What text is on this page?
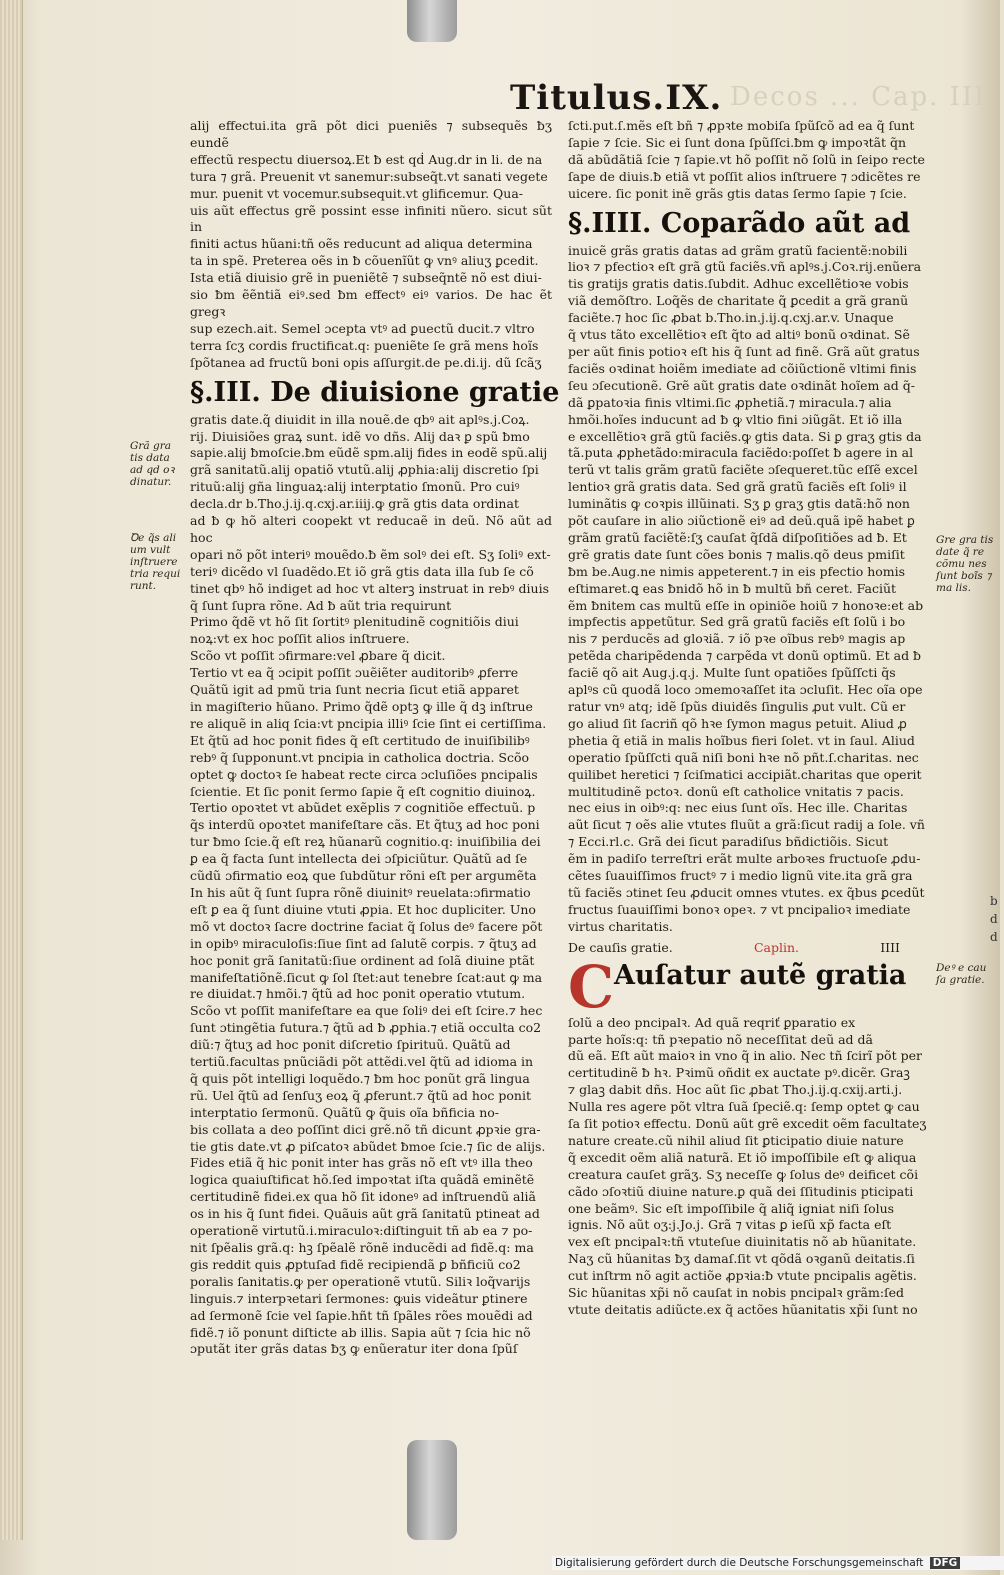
Decos ... Cap. III
Titulus.IX.
Grã gra tis data ad qd oꝛ dinatur.
Ꝺe q̃s ali um vult inſtruere tria requi runt.
Gre gra tis date q̃ re cõmu nes ſunt boĩs ⁊ ma lis.
Deꝰ e cau ſa gratie.
b d d

alij effectui.ita grã põt dici pueniẽs ⁊ subsequẽs ƀʒ eundẽ

effectũ respectu diuersoꝝ.Et ƀ est qḋ Aug.dr in li. de na

tura ⁊ grã. Preuenit vt sanemur:subseq̃t.vt sanati vegete

mur. puenit vt vocemur.subsequit.vt glificemur. Qua-

uis aũt effectus grẽ possint esse infiniti nũero. sicut sũt in

finiti actus hũani:tñ oẽs reducunt ad aliqua determina

ta in spẽ. Preterea oẽs in ƀ cõuenĩũt ꝙ vnꝰ aliuʒ ꝑcedit.

Ista etiã diuisio grẽ in pueniẽtẽ ⁊ subseq̃ntẽ nõ est diui-

sio ƀm ẽẽntiã eiꝰ.sed ƀm effectꝰ eiꝰ varios. De hac ẽt gregꝛ

sup ezech.ait. Semel ɔcepta vtꝰ ad ꝑuectũ ducit.⁊ vltro

terra ſcʒ cordis fructificat.q: pueniẽte ſe grã mens hoĩs

ſpõtanea ad fructũ boni opis aſſurgit.de pe.di.ij. dũ ſcãʒ

§.III. De diuisione gratie

gratis date.q̃ diuidit in illa nouẽ.de qbꝰ ait aplꝰs.j.Coꝝ.

rij. Diuisiões graꝝ sunt. idẽ vo dñs. Alij daꝛ ꝑ spũ ƀmo

sapie.alij ƀmoſcie.ƀm eũdẽ spm.alij fides in eodẽ spũ.alij

grã sanitatũ.alij opatiõ vtutũ.alij ꝓphia:alij discretio ſpi

rituũ:alij gña linguaꝝ:alij interptatio ſmonũ. Pro cuiꝰ

decla.dr b.Tho.j.ij.q.cxj.ar.iiij.ꝙ grã gtis data ordinat

ad ƀ ꝙ hõ alteri coopekt vt reducaẽ in deũ. Nõ aũt ad hoc

opari nõ põt interiꝰ mouẽdo.ƀ ẽm solꝰ dei eſt. Sʒ ſoliꝰ ext-

teriꝰ dicẽdo vl ſuadẽdo.Et iõ grã gtis data illa ſub ſe cõ

tinet qbꝰ hõ indiget ad hoc vt alterꝫ instruat in rebꝰ diuis

q̃ ſunt ſupra rõne. Ad ƀ aũt tria requirunt

Primo q̃dẽ vt hõ ſit ſortitꝰ plenitudinẽ cognitiõis diui

noꝝ:vt ex hoc poſſit alios inſtruere.

Scõo vt poſſit ɔfirmare:vel ꝓbare q̃ dicit.

Tertio vt ea q̃ ɔcipit poſſit ɔuẽiẽter auditoribꝰ ꝓferre

Quãtũ igit ad pmũ tria ſunt necria ſicut etiã apparet

in magiſterio hũano. Primo q̃dẽ optꝫ ꝙ ille q̃ dꝫ inſtrue

re aliquẽ in aliq ſcia:vt pncipia illiꝰ ſcie ſint ei certiſſima.

Et q̃tũ ad hoc ponit fides q̃ eſt certitudo de inuiſibilibꝰ

rebꝰ q̃ ſupponunt.vt pncipia in catholica doctria. Scõo

optet ꝙ doctoꝛ ſe habeat recte circa ɔcluſiões pncipalis

ſcientie. Et ſic ponit ſermo ſapie q̃ eſt cognitio diuinoꝝ.

Tertio opoꝛtet vt abũdet exẽplis ⁊ cognitiõe effectuũ. p

q̃s interdũ opoꝛtet manifeſtare cãs. Et q̃tuʒ ad hoc poni

tur ƀmo ſcie.q̃ eſt reꝝ hũanarũ cognitio.q: inuiſibilia dei

ꝑ ea q̃ facta ſunt intellecta dei ɔſpiciũtur. Quãtũ ad ſe

cũdũ ɔfirmatio eoꝝ que ſubdũtur rõni eſt per argumẽta

In his aũt q̃ ſunt ſupra rõnẽ diuinitꝰ reuelata:ɔfirmatio

eſt ꝑ ea q̃ ſunt diuine vtuti ꝓpia. Et hoc dupliciter. Uno

mõ vt doctoꝛ ſacre doctrine faciat q̃ ſolus deꝰ facere põt

in opibꝰ miraculoſis:ſiue ſint ad ſalutẽ corpis. ⁊ q̃tuʒ ad

hoc ponit grã ſanitatũ:ſiue ordinent ad ſolã diuine ptãt

manifeſtatiõnẽ.ſicut ꝙ ſol ſtet:aut tenebre ſcat:aut ꝙ ma

re diuidat.⁊ hmõi.⁊ q̃tũ ad hoc ponit operatio vtutum.

Scõo vt poſſit manifeſtare ea que ſoliꝰ dei eſt ſcire.⁊ hec

ſunt ɔtingẽtia futura.⁊ q̃tũ ad ƀ ꝓphia.⁊ etiã occulta co2

diũ:⁊ q̃tuʒ ad hoc ponit diſcretio ſpirituũ. Quãtũ ad

tertiũ.facultas pnũciãdi põt attẽdi.vel q̃tũ ad idioma in

q̃ quis põt intelligi loquẽdo.⁊ ƀm hoc ponũt grã lingua

rũ. Uel q̃tũ ad ſenſuʒ eoꝝ q̃ ꝓferunt.⁊ q̃tũ ad hoc ponit

interptatio ſermonũ. Quãtũ ꝙ q̃uis oĩa bñficia no-

bis collata a deo poſſint dici grẽ.nõ tñ dicunt ꝓpꝛie gra-

tie gtis date.vt ꝓ piſcatoꝛ abũdet ƀmoe ſcie.⁊ ſic de alijs.

Fides etiã q̃ hic ponit inter has grãs nõ eſt vtꝰ illa theo

logica quaiuſtificat hõ.ſed impoꝛtat iſta quãdã eminẽtẽ

certitudinẽ fidei.ex qua hõ ſit idoneꝰ ad inſtruendũ aliã

os in his q̃ ſunt fidei. Quãuis aũt grã ſanitatũ ptineat ad

operationẽ virtutũ.i.miraculoꝛ:diſtinguit tñ ab ea ⁊ po-

nit ſpẽalis grã.q: hꝫ ſpẽalẽ rõnẽ inducẽdi ad fidẽ.q: ma

gis reddit quis ꝓptuſad fidẽ recipiendã ꝑ bñficiũ co2

poralis ſanitatis.ꝙ per operationẽ vtutũ. Siliꝛ loq̃varijs

linguis.⁊ interpꝛetari ſermones: ꝙuis videãtur ꝑtinere

ad ſermonẽ ſcie vel ſapie.hñt tñ ſpãles rões mouẽdi ad

fidẽ.⁊ iõ ponunt diſticte ab illis. Sapia aũt ⁊ ſcia hic nõ

ɔputãt iter grãs datas ƀʒ ꝙ enũeratur iter dona ſpũſ

ſcti.put.ſ.mẽs eſt bñ ⁊ ꝓpꝛte mobiſa ſpũſcõ ad ea q̃ ſunt

ſapie ⁊ ſcie. Sic ei ſunt dona ſpũſſci.ƀm ꝙ impoꝛtãt q̃n

dã abũdãtiã ſcie ⁊ ſapie.vt hõ poſſit nõ ſolũ in ſeipo recte

ſape de diuis.ƀ etiã vt poſſit alios inſtruere ⁊ ɔdicẽtes re

uicere. ſic ponit inẽ grãs gtis datas ſermo ſapie ⁊ ſcie.

§.IIII. Coparãdo aũt ad

inuicẽ grãs gratis datas ad grãm gratũ facientẽ:nobili

lioꝛ ⁊ pfectioꝛ eſt grã gtũ faciẽs.vñ aplꝰs.j.Coꝛ.rij.enũera

tis gratijs gratis datis.ſubdit. Adhuc excellẽtioꝛe vobis

viã demõſtro. Loq̃ẽs de charitate q̃ ꝑcedit a grã granũ

faciẽte.⁊ hoc ſic ꝓbat b.Tho.in.j.ij.q.cxj.ar.v. Unaque

q̃ vtus tãto excellẽtioꝛ eſt q̃to ad altiꝰ bonũ oꝛdinat. Sẽ

per aũt finis potioꝛ eſt his q̃ ſunt ad finẽ. Grã aũt gratus

faciẽs oꝛdinat hoiẽm imediate ad cõiũctionẽ vltimi finis

ſeu ɔſecutionẽ. Grẽ aũt gratis date oꝛdinãt hoĩem ad q̃-

dã ꝑpatoꝛia finis vltimi.ſic ꝓphetiã.⁊ miracula.⁊ alia

hmõi.hoĩes inducunt ad ƀ ꝙ vltio fini ɔiũgãt. Et iõ illa

e excellẽtioꝛ grã gtũ faciẽs.ꝙ gtis data. Si ꝑ graʒ gtis da

tã.puta ꝓphetãdo:miracula faciẽdo:poſſet ƀ agere in al

terũ vt talis grãm gratũ faciẽte ɔſequeret.tũc eſſẽ excel

lentioꝛ grã gratis data. Sed grã gratũ faciẽs eſt ſoliꝰ il

luminãtis ꝙ coꝛpis illũinati. Sʒ ꝑ graʒ gtis datã:hõ non

põt cauſare in alio ɔiũctionẽ eiꝰ ad deũ.quã ipẽ habet ꝑ

grãm gratũ faciẽtẽ:ſʒ cauſat q̃ſdã diſpoſitiões ad ƀ. Et

grẽ gratis date ſunt cões bonis ⁊ malis.qõ deus pmiſit

ƀm be.Aug.ne nimis appeterent.⁊ in eis pfectio homis

eſtimaret.ꝗ eas ƀnidõ hõ in ƀ multũ bñ ceret. Faciũt

ẽm ƀnitem cas multũ eſſe in opiniõe hoiũ ⁊ honoꝛe:et ab

impfectis appetũtur. Sed grã gratũ faciẽs eſt ſolũ i bo

nis ⁊ perducẽs ad gloꝛiã. ⁊ iõ pꝛe oĩbus rebꝰ magis ap

petẽda charipẽdenda ⁊ carpẽda vt donũ optimũ. Et ad ƀ

faciẽ qõ ait Aug.j.q.j. Multe ſunt opatiões ſpũſſcti q̃s

aplꝰs cũ quodã loco ɔmemoꝛaſſet ita ɔcluſit. Hec oĩa ope

ratur vnꝰ atq; idẽ ſpũs diuidẽs ſingulis ꝓut vult. Cũ er

go aliud ſit ſacriñ qõ hꝛe ſymon magus petuit. Aliud ꝓ

phetia q̃ etiã in malis hoĩbus fieri ſolet. vt in ſaul. Aliud

operatio ſpũſſcti quã niſi boni hꝛe nõ pñt.ſ.charitas. nec

quilibet heretici ⁊ ſciſmatici accipiãt.charitas que operit

multitudinẽ pctoꝛ. donũ eſt catholice vnitatis ⁊ pacis.

nec eius in oibꝰ:q: nec eius ſunt oĩs. Hec ille. Charitas

aũt ſicut ⁊ oẽs alie vtutes fluũt a grã:ſicut radij a ſole. vñ

⁊ Ecci.rl.c. Grã dei ſicut paradiſus bñdictiõis. Sicut

ẽm in padiſo terreſtri erãt multe arboꝛes fructuoſe ꝓdu-

cẽtes ſuauiſſimos fructꝰ ⁊ i medio lignũ vite.ita grã gra

tũ faciẽs ɔtinet ſeu ꝓducit omnes vtutes. ex q̃bus ꝑcedũt

fructus ſuauiſſimi bonoꝛ opeꝛ. ⁊ vt pncipalioꝛ imediate

virtus charitatis.

De cauſis gratie.	Caplin.	IIII
C Auſatur autẽ gratia

ſolũ a deo pncipalꝛ. Ad quã reqriť ꝑparatio ex

parte hoĩs:q: tñ pꝛepatio nõ neceſſitat deũ ad dã

dũ eã. Eſt aũt maioꝛ in vno q̃ in alio. Nec tñ ſcirĩ põt per

certitudinẽ ƀ hꝛ. Pꝛimũ oñdit ex auctate pꝰ.dicẽr. Graꝫ

⁊ glaꝫ dabit dñs. Hoc aũt ſic ꝓbat Tho.j.ij.q.cxij.arti.j.

Nulla res agere põt vltra ſuã ſpeciẽ.q: ſemp optet ꝙ cau

ſa ſit potioꝛ effectu. Donũ aũt grẽ excedit oẽm facultateʒ

nature create.cũ nihil aliud ſit ꝑticipatio diuie nature

q̃ excedit oẽm aliã naturã. Et iõ impoſſibile eſt ꝙ aliqua

creatura cauſet grãʒ. Sʒ neceſſe ꝙ ſolus deꝰ deificet cõi

cãdo ɔſoꝛtiũ diuine nature.ꝑ quã dei ſſitudinis pticipati

one beãmꝰ. Sic eſt impoſſibile q̃ aliq̃ igniat niſi ſolus

ignis. Nõ aũt oʒ:j.Jo.j. Grã ⁊ vitas ꝑ ieſũ xp̃ facta eſt

vex eſt pncipalꝛ:tñ vtuteſue diuinitatis nõ ab hũanitate.

Naʒ cũ hũanitas ƀʒ damaſ.ſit vt qõdã oꝛganũ deitatis.ſi

cut inſtrm nõ agit actiõe ꝓpꝛia:ƀ vtute pncipalis agẽtis.

Sic hũanitas xp̃i nõ cauſat in nobis pncipalꝛ grãm:ſed

vtute deitatis adiũcte.ex q̃ actões hũanitatis xp̃i ſunt no

Digitalisierung gefördert durch die Deutsche Forschungsgemeinschaft DFG
